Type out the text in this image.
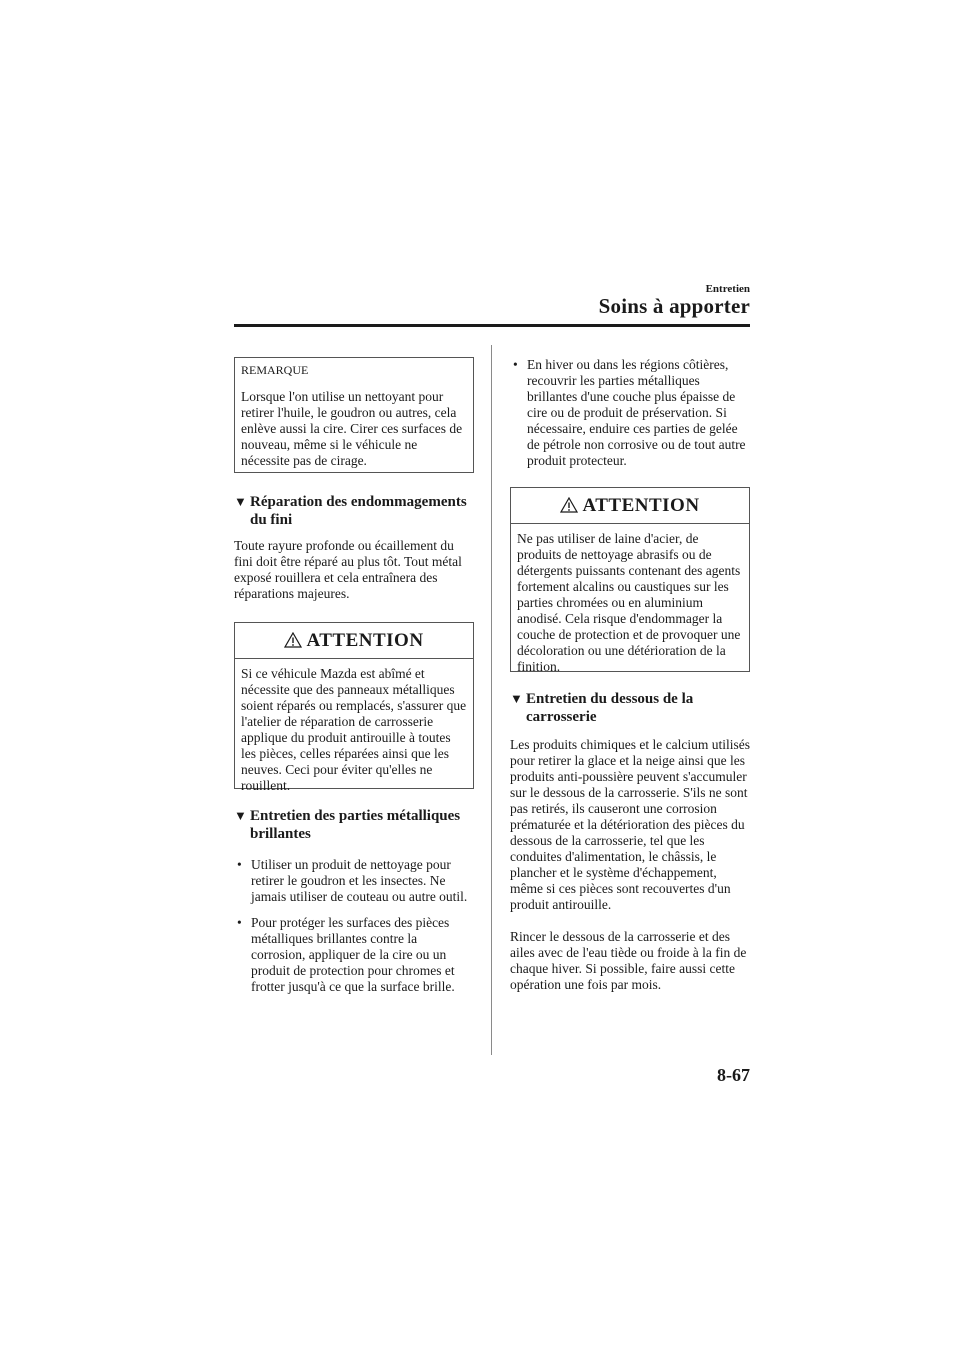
Entretien
Soins à apporter
REMARQUE

Lorsque l'on utilise un nettoyant pour retirer l'huile, le goudron ou autres, cela enlève aussi la cire. Cirer ces surfaces de nouveau, même si le véhicule ne nécessite pas de cirage.

▼ Réparation des endommagements du fini

Toute rayure profonde ou écaillement du fini doit être réparé au plus tôt. Tout métal exposé rouillera et cela entraînera des réparations majeures.

ATTENTION
Si ce véhicule Mazda est abîmé et nécessite que des panneaux métalliques soient réparés ou remplacés, s'assurer que l'atelier de réparation de carrosserie applique du produit antirouille à toutes les pièces, celles réparées ainsi que les neuves. Ceci pour éviter qu'elles ne rouillent.
▼ Entretien des parties métalliques brillantes
• Utiliser un produit de nettoyage pour retirer le goudron et les insectes. Ne jamais utiliser de couteau ou autre outil.
• Pour protéger les surfaces des pièces métalliques brillantes contre la corrosion, appliquer de la cire ou un produit de protection pour chromes et frotter jusqu'à ce que la surface brille.
• En hiver ou dans les régions côtières, recouvrir les parties métalliques brillantes d'une couche plus épaisse de cire ou de produit de préservation. Si nécessaire, enduire ces parties de gelée de pétrole non corrosive ou de tout autre produit protecteur.
ATTENTION
Ne pas utiliser de laine d'acier, de produits de nettoyage abrasifs ou de détergents puissants contenant des agents fortement alcalins ou caustiques sur les parties chromées ou en aluminium anodisé. Cela risque d'endommager la couche de protection et de provoquer une décoloration ou une détérioration de la finition.
▼ Entretien du dessous de la carrosserie

Les produits chimiques et le calcium utilisés pour retirer la glace et la neige ainsi que les produits anti-poussière peuvent s'accumuler sur le dessous de la carrosserie. S'ils ne sont pas retirés, ils causeront une corrosion prématurée et la détérioration des pièces du dessous de la carrosserie, tel que les conduites d'alimentation, le châssis, le plancher et le système d'échappement, même si ces pièces sont recouvertes d'un produit antirouille.

Rincer le dessous de la carrosserie et des ailes avec de l'eau tiède ou froide à la fin de chaque hiver. Si possible, faire aussi cette opération une fois par mois.

8-67
